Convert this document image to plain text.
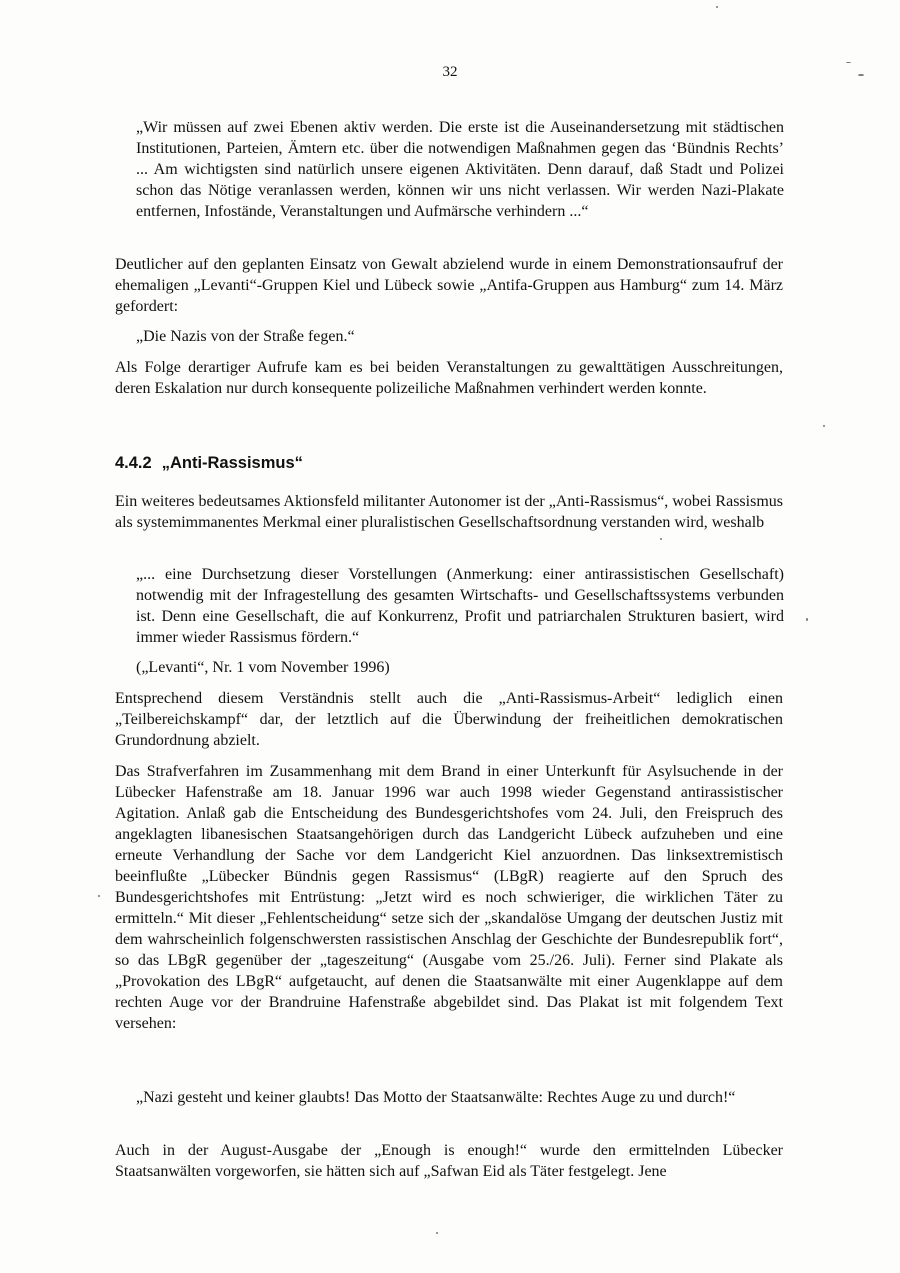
32
„Wir müssen auf zwei Ebenen aktiv werden. Die erste ist die Auseinandersetzung mit städtischen Institutionen, Parteien, Ämtern etc. über die notwendigen Maßnahmen gegen das ‘Bündnis Rechts’ ... Am wichtigsten sind natürlich unsere eigenen Aktivitäten. Denn darauf, daß Stadt und Polizei schon das Nötige veranlassen werden, können wir uns nicht verlassen. Wir werden Nazi-Plakate entfernen, Infostände, Veranstaltungen und Aufmärsche verhindern ...“
Deutlicher auf den geplanten Einsatz von Gewalt abzielend wurde in einem Demonstrationsaufruf der ehemaligen „Levanti“-Gruppen Kiel und Lübeck sowie „Antifa-Gruppen aus Hamburg“ zum 14. März gefordert:
„Die Nazis von der Straße fegen.“
Als Folge derartiger Aufrufe kam es bei beiden Veranstaltungen zu gewalttätigen Ausschreitungen, deren Eskalation nur durch konsequente polizeiliche Maßnahmen verhindert werden konnte.
4.4.2 „Anti-Rassismus“
Ein weiteres bedeutsames Aktionsfeld militanter Autonomer ist der „Anti-Rassismus“, wobei Rassismus als systemimmanentes Merkmal einer pluralistischen Gesellschaftsordnung verstanden wird, weshalb
„... eine Durchsetzung dieser Vorstellungen (Anmerkung: einer antirassistischen Gesellschaft) notwendig mit der Infragestellung des gesamten Wirtschafts- und Gesellschaftssystems verbunden ist. Denn eine Gesellschaft, die auf Konkurrenz, Profit und patriarchalen Strukturen basiert, wird immer wieder Rassismus fördern.“
(„Levanti“, Nr. 1 vom November 1996)
Entsprechend diesem Verständnis stellt auch die „Anti-Rassismus-Arbeit“ lediglich einen „Teilbereichskampf“ dar, der letztlich auf die Überwindung der freiheitlichen demokratischen Grundordnung abzielt.
Das Strafverfahren im Zusammenhang mit dem Brand in einer Unterkunft für Asylsuchende in der Lübecker Hafenstraße am 18. Januar 1996 war auch 1998 wieder Gegenstand antirassistischer Agitation. Anlaß gab die Entscheidung des Bundesgerichtshofes vom 24. Juli, den Freispruch des angeklagten libanesischen Staatsangehörigen durch das Landgericht Lübeck aufzuheben und eine erneute Verhandlung der Sache vor dem Landgericht Kiel anzuordnen. Das linksextremistisch beeinflußte „Lübecker Bündnis gegen Rassismus“ (LBgR) reagierte auf den Spruch des Bundesgerichtshofes mit Entrüstung: „Jetzt wird es noch schwieriger, die wirklichen Täter zu ermitteln.“ Mit dieser „Fehlentscheidung“ setze sich der „skandalöse Umgang der deutschen Justiz mit dem wahrscheinlich folgenschwersten rassistischen Anschlag der Geschichte der Bundesrepublik fort“, so das LBgR gegenüber der „tageszeitung“ (Ausgabe vom 25./26. Juli). Ferner sind Plakate als „Provokation des LBgR“ aufgetaucht, auf denen die Staatsanwälte mit einer Augenklappe auf dem rechten Auge vor der Brandruine Hafenstraße abgebildet sind. Das Plakat ist mit folgendem Text versehen:
„Nazi gesteht und keiner glaubts! Das Motto der Staatsanwälte: Rechtes Auge zu und durch!“
Auch in der August-Ausgabe der „Enough is enough!“ wurde den ermittelnden Lübecker Staatsanwälten vorgeworfen, sie hätten sich auf „Safwan Eid als Täter festgelegt. Jene
